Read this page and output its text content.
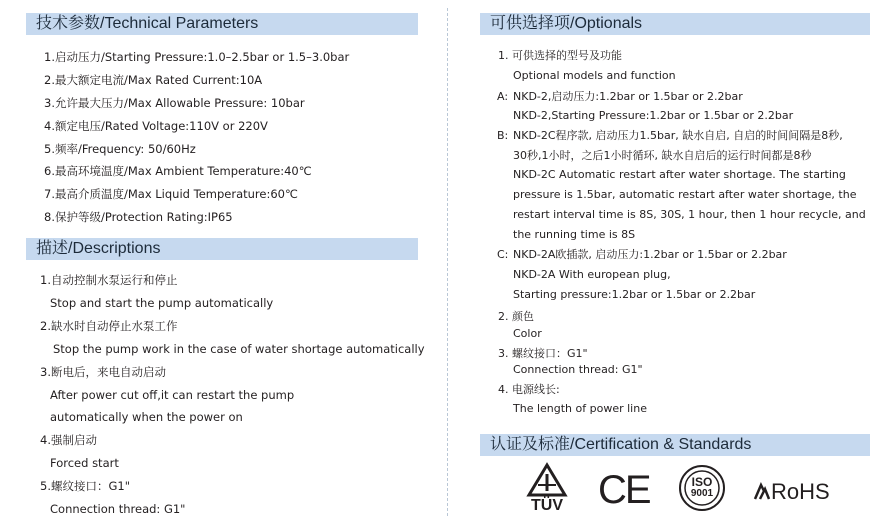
技术参数/Technical Parameters
1.启动压力/Starting Pressure:1.0–2.5bar or 1.5–3.0bar
2.最大额定电流/Max Rated Current:10A
3.允许最大压力/Max Allowable Pressure: 10bar
4.额定电压/Rated Voltage:110V or 220V
5.频率/Frequency: 50/60Hz
6.最高环境温度/Max Ambient Temperature:40℃
7.最高介质温度/Max Liquid Temperature:60℃
8.保护等级/Protection Rating:IP65
描述/Descriptions
1.自动控制水泵运行和停止
Stop and start the pump automatically
2.缺水时自动停止水泵工作
Stop the pump work in the case of water shortage automatically
3.断电后，来电自动启动
After power cut off,it can restart the pump
automatically when the power on
4.强制启动
Forced start
5.螺纹接口：G1"
Connection thread: G1"
可供选择项/Optionals
1. 可供选择的型号及功能
Optional models and function
A: NKD-2,启动压力:1.2bar or 1.5bar or 2.2bar
NKD-2,Starting Pressure:1.2bar or 1.5bar or 2.2bar
B: NKD-2C程序款, 启动压力1.5bar, 缺水自启, 自启的时间间隔是8秒,
30秒,1小时，之后1小时循环, 缺水自启后的运行时间都是8秒
NKD-2C Automatic restart after water shortage. The starting
pressure is 1.5bar, automatic restart after water shortage, the
restart interval time is 8S, 30S, 1 hour, then 1 hour recycle, and
the running time is 8S
C: NKD-2A欧插款, 启动压力:1.2bar or 1.5bar or 2.2bar
NKD-2A With european plug,
Starting pressure:1.2bar or 1.5bar or 2.2bar
2. 颜色
Color
3. 螺纹接口：G1"
Connection thread: G1"
4. 电源线长:
The length of power line
认证及标准/Certification & Standards
TÜV CE	ISO
9001	RoHS
